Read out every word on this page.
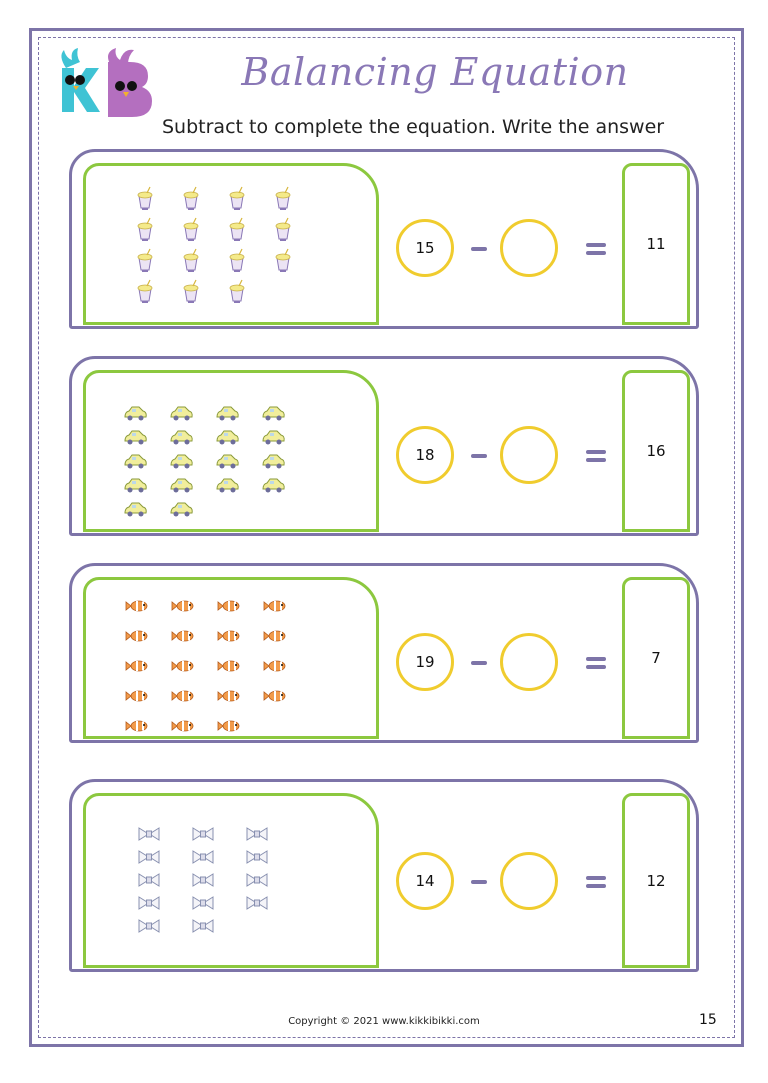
Balancing Equation
Subtract to complete the equation. Write the answer
15	11
18	16
19	7
14	12
Copyright © 2021 www.kikkibikki.com	15
